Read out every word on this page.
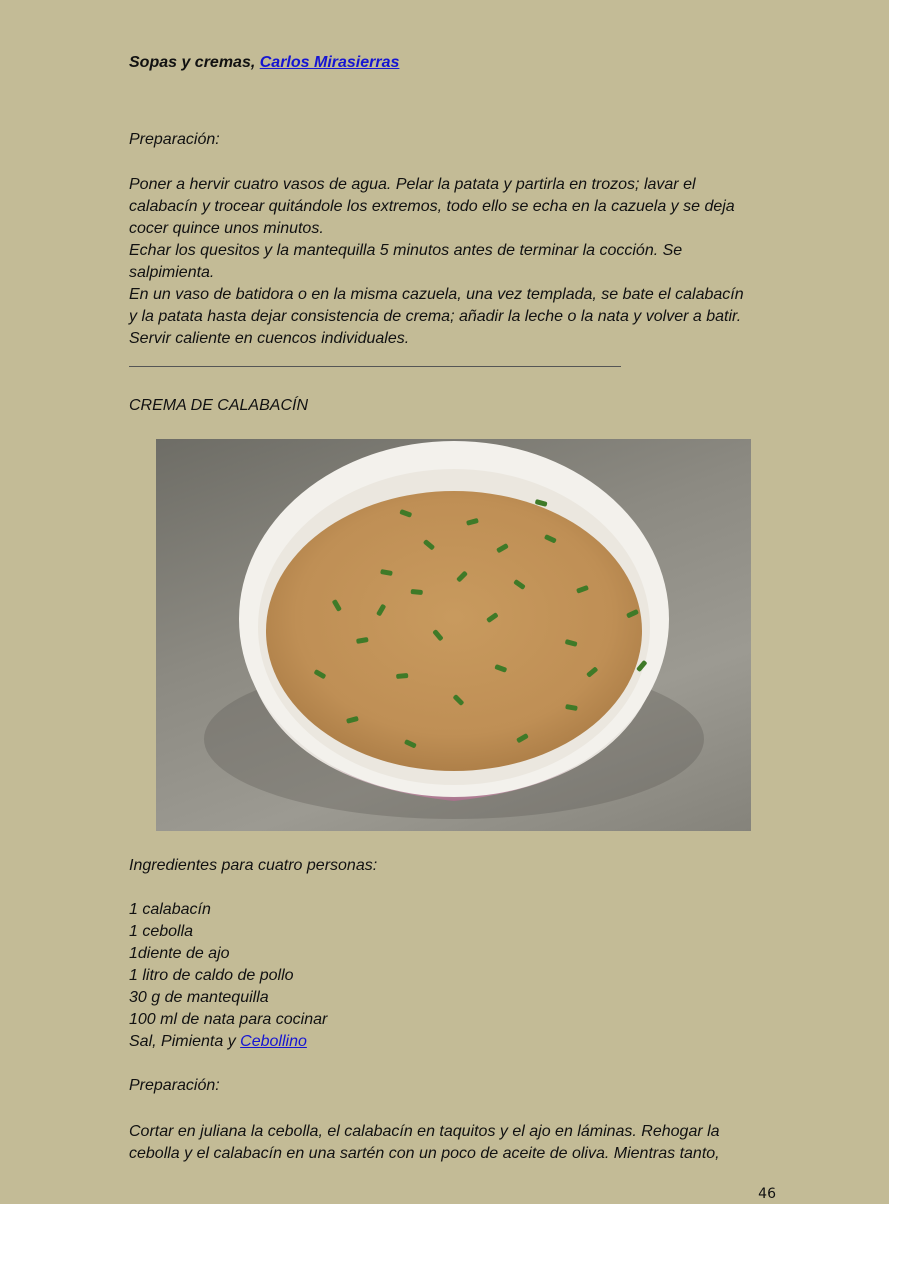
Sopas y cremas, Carlos Mirasierras
Preparación:
Poner a hervir cuatro vasos de agua. Pelar la patata y partirla en trozos; lavar el
calabacín y trocear quitándole los extremos, todo ello se echa en la cazuela y se deja
cocer quince unos minutos.
Echar los quesitos y la mantequilla 5 minutos antes de terminar la cocción. Se
salpimienta.
En un vaso de batidora o en la misma cazuela, una vez templada, se bate el calabacín
y la patata hasta dejar consistencia de crema; añadir la leche o la nata y volver a batir.
Servir caliente en cuencos individuales.
CREMA DE CALABACÍN
Ingredientes para cuatro personas:
1 calabacín
1 cebolla
1diente de ajo
1 litro de caldo de pollo
30 g de mantequilla
100 ml de nata para cocinar
Sal, Pimienta y Cebollino
Preparación:
Cortar en juliana la cebolla, el calabacín en taquitos y el ajo en láminas. Rehogar la
cebolla y el calabacín en una sartén con un poco de aceite de oliva. Mientras tanto,
46
